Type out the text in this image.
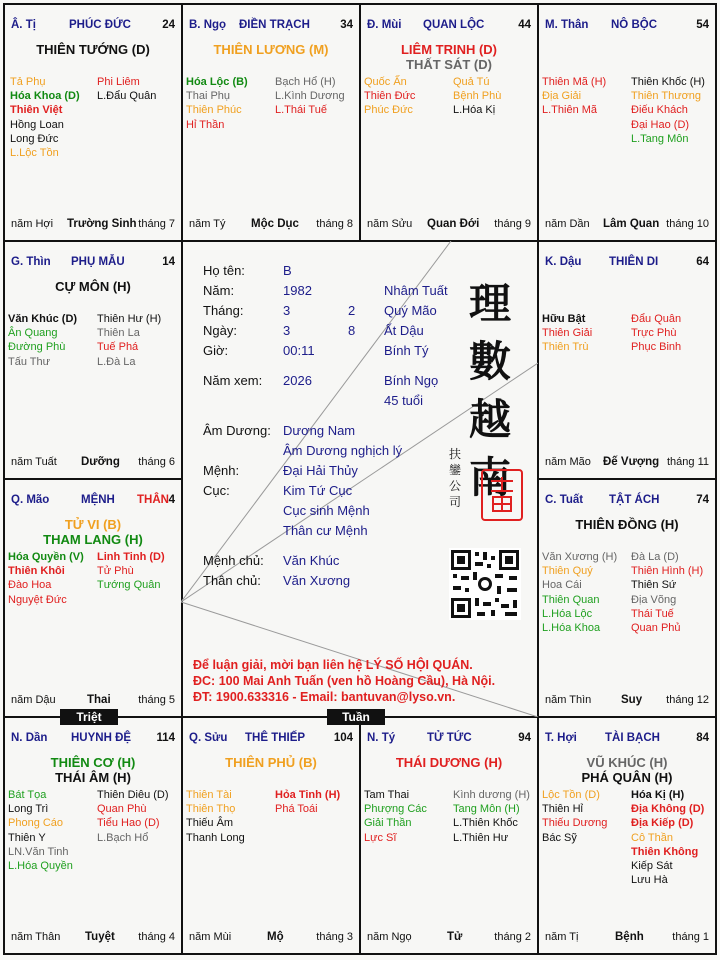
Â. Tị	PHÚC ĐỨC	24
THIÊN TƯỚNG (D)
Tả Phụ
Hóa Khoa (D)
Thiên Việt
Hồng Loan
Long Đức
L.Lộc Tồn
Phi Liêm
L.Đẩu Quân
năm Hợi Trường Sinh tháng 7
B. Ngọ ĐIỀN TRẠCH	34
THIÊN LƯƠNG (M)
Hóa Lộc (B)
Thai Phụ
Thiên Phúc
Hỉ Thần
Bạch Hổ (H)
L.Kình Dương
L.Thái Tuế
năm Tý Mộc Dục tháng 8
Đ. Mùi QUAN LỘC	44
LIÊM TRINH (D)
THẤT SÁT (D)
Quốc Ấn
Thiên Đức
Phúc Đức
Quả Tú
Bệnh Phù
L.Hóa Kị
năm Sửu Quan Đới tháng 9
M. Thân NÔ BỘC	54
Thiên Mã (H)
Địa Giải
L.Thiên Mã
Thiên Khốc (H)
Thiên Thương
Điếu Khách
Đại Hao (D)
L.Tang Môn
năm Dần Lâm Quan tháng 10
G. Thìn PHỤ MẪU	14
CỰ MÔN (H)
Văn Khúc (D)
Ân Quang
Đường Phù
Tấu Thư
Thiên Hư (H)
Thiên La
Tuế Phá
L.Đà La
năm Tuất Dưỡng tháng 6
K. Dậu THIÊN DI	64
Hữu Bật
Thiên Giải
Thiên Trù
Đẩu Quân
Trực Phù
Phục Binh
năm Mão Đế Vượng tháng 11
Q. Mão	MỆNH THÂN 4
TỬ VI (B)
THAM LANG (H)
Hóa Quyền (V)
Thiên Khôi
Đào Hoa
Nguyệt Đức
Linh Tinh (D)
Tử Phù
Tướng Quân
năm Dậu	Thai	tháng 5
C. Tuất TẬT ÁCH	74
THIÊN ĐỒNG (H)
Văn Xương (H)
Thiên Quý
Hoa Cái
Thiên Quan
L.Hóa Lộc
L.Hóa Khoa
Đà La (D)
Thiên Hình (H)
Thiên Sứ
Địa Võng
Thái Tuế
Quan Phủ
năm Thìn	Suy tháng 12
N. Dần HUYNH ĐỆ 114
THIÊN CƠ (H)
THÁI ÂM (H)
Bát Tọa
Long Trì
Phong Cáo
Thiên Y
LN.Văn Tinh
L.Hóa Quyền
Thiên Diêu (D)
Quan Phù
Tiểu Hao (D)
L.Bạch Hổ
năm Thân Tuyệt tháng 4
Q. Sửu THÊ THIẾP	104
THIÊN PHỦ (B)
Thiên Tài
Thiên Thọ
Thiếu Âm
Thanh Long
Hỏa Tinh (H)
Phá Toái
năm Mùi	Mộ	tháng 3
N. Tý	TỬ TỨC	94
THÁI DƯƠNG (H)
Tam Thai
Phượng Các
Giải Thần
Lực Sĩ
Kình dương (H)
Tang Môn (H)
L.Thiên Khốc
L.Thiên Hư
năm Ngọ	Tử	tháng 2
T. Hợi TÀI BẠCH	84
VŨ KHÚC (H)
PHÁ QUÂN (H)
Lộc Tồn (D)
Thiên Hỉ
Thiếu Dương
Bác Sỹ
Hóa Kị (H)
Địa Không (D)
Địa Kiếp (D)
Cô Thần
Thiên Không
Kiếp Sát
Lưu Hà
năm Tị	Bệnh	tháng 1
Họ tên:	B
Năm:	1982	Nhâm Tuất
Tháng:	3	2 Quý Mão
Ngày:	3	8 Ất Dậu
Giờ:	00:11	Bính Tý
Năm xem: 2026	Bính Ngọ
45 tuổi
Âm Dương: Dương Nam
Âm Dương nghịch lý
Mệnh:	Đại Hải Thủy
Cục:	Kim Tứ Cục
Cục sinh Mệnh
Thân cư Mệnh
Mệnh chủ: Văn Khúc
Thân chủ: Văn Xương
理
數
越
南
扶鑾公司
Để luận giải, mời bạn liên hệ LÝ SỐ HỘI QUÁN.
ĐC: 100 Mai Anh Tuấn (ven hồ Hoàng Cầu), Hà Nội.
ĐT: 1900.633316 - Email: bantuvan@lyso.vn.
Triệt	Tuần
